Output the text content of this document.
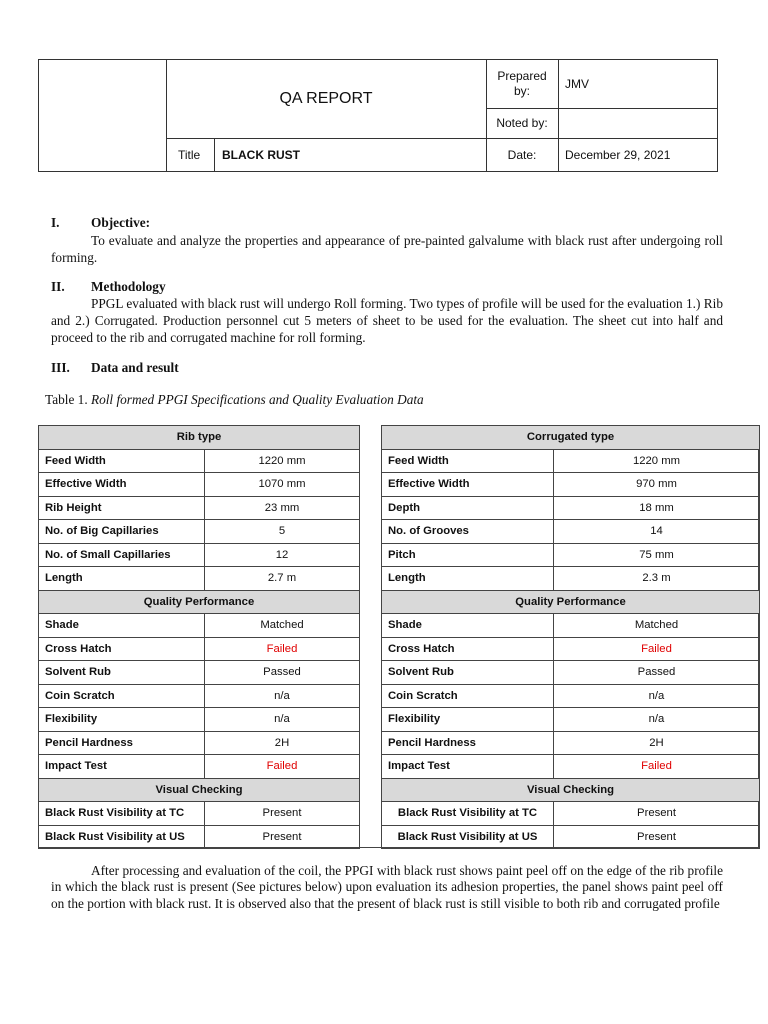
QA REPORT
Prepared by:	JMV
Noted by:
Title BLACK RUST	Date:	December 29, 2021
I. Objective:

To evaluate and analyze the properties and appearance of pre-painted galvalume with black rust after undergoing roll forming.

II. Methodology

PPGL evaluated with black rust will undergo Roll forming. Two types of profile will be used for the evaluation 1.) Rib and 2.) Corrugated. Production personnel cut 5 meters of sheet to be used for the evaluation. The sheet cut into half and proceed to the rib and corrugated machine for roll forming.

III. Data and result
Table 1. Roll formed PPGI Specifications and Quality Evaluation Data
Rib type	
Feed Width	1220 mm
Effective Width	1070 mm
Rib Height	23 mm
No. of Big Capillaries	5
No. of Small Capillaries	12
Length	2.7 m
Quality Performance	
Shade	Matched
Cross Hatch	Failed
Solvent Rub	Passed
Coin Scratch	n/a
Flexibility	n/a
Pencil Hardness	2H
Impact Test	Failed
Visual Checking	
Black Rust Visibility at TC	Present
Black Rust Visibility at US	Present
Corrugated type	
Feed Width	1220 mm
Effective Width	970 mm
Depth	18 mm
No. of Grooves	14
Pitch	75 mm
Length	2.3 m
Quality Performance	
Shade	Matched
Cross Hatch	Failed
Solvent Rub	Passed
Coin Scratch	n/a
Flexibility	n/a
Pencil Hardness	2H
Impact Test	Failed
Visual Checking	
Black Rust Visibility at TC	Present
Black Rust Visibility at US	Present

After processing and evaluation of the coil, the PPGI with black rust shows paint peel off on the edge of the rib profile in which the black rust is present (See pictures below) upon evaluation its adhesion properties, the panel shows paint peel off on the portion with black rust. It is observed also that the present of black rust is still visible to both rib and corrugated profile
